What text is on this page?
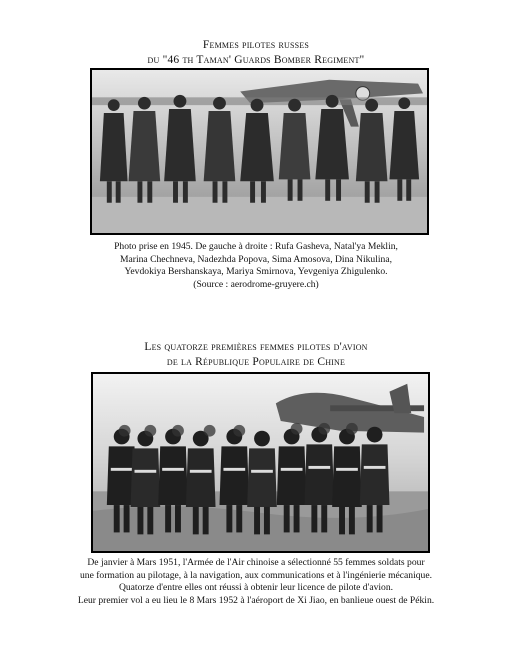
Femmes pilotes russes
du "46 th Taman' Guards Bomber Regiment"
Photo prise en 1945. De gauche à droite : Rufa Gasheva, Natal'ya Meklin,
Marina Chechneva, Nadezhda Popova, Sima Amosova, Dina Nikulina,
Yevdokiya Bershanskaya, Mariya Smirnova, Yevgeniya Zhigulenko.
(Source : aerodrome-gruyere.ch)
Les quatorze premières femmes pilotes d'avion
de la République Populaire de Chine
De janvier à Mars 1951, l'Armée de l'Air chinoise a sélectionné 55 femmes soldats pour
une formation au pilotage, à la navigation, aux communications et à l'ingénierie mécanique.
Quatorze d'entre elles ont réussi à obtenir leur licence de pilote d'avion.
Leur premier vol a eu lieu le 8 Mars 1952 à l'aéroport de Xi Jiao, en banlieue ouest de Pékin.
